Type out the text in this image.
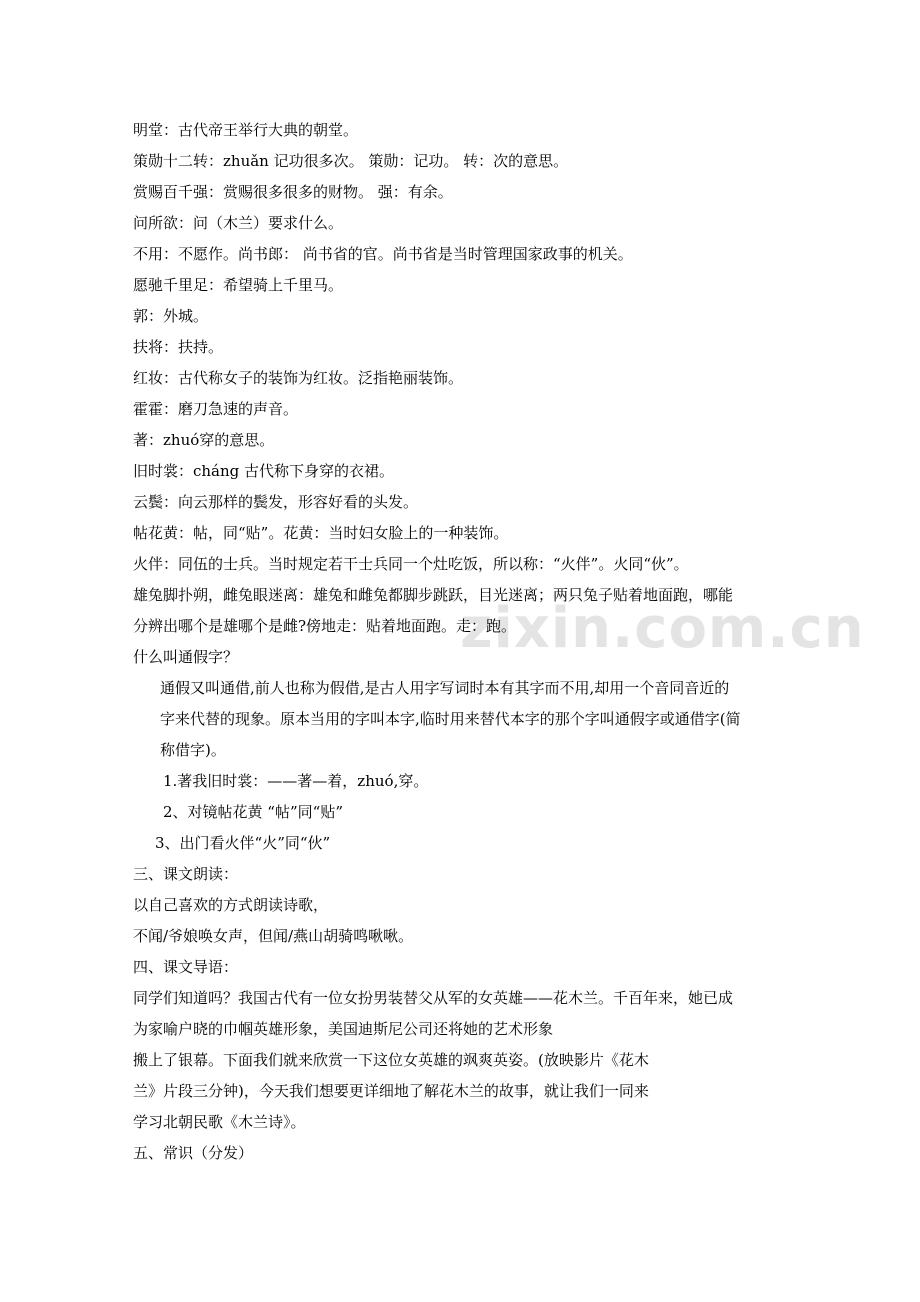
zixin.com.cn
明堂：古代帝王举行大典的朝堂。
策勋十二转：zhuǎn 记功很多次。 策勋：记功。 转：次的意思。
赏赐百千强：赏赐很多很多的财物。 强：有余。
问所欲：问（木兰）要求什么。
不用：不愿作。尚书郎： 尚书省的官。尚书省是当时管理国家政事的机关。
愿驰千里足：希望骑上千里马。
郭：外城。
扶将：扶持。
红妆：古代称女子的装饰为红妆。泛指艳丽装饰。
霍霍：磨刀急速的声音。
著：zhuó穿的意思。
旧时裳：cháng 古代称下身穿的衣裙。
云鬓：向云那样的鬓发，形容好看的头发。
帖花黄：帖，同“贴”。花黄：当时妇女脸上的一种装饰。
火伴：同伍的士兵。当时规定若干士兵同一个灶吃饭，所以称：“火伴”。火同“伙”。
雄兔脚扑朔，雌兔眼迷离：雄兔和雌兔都脚步跳跃，目光迷离；两只兔子贴着地面跑，哪能
分辨出哪个是雄哪个是雌?傍地走：贴着地面跑。走：跑。
什么叫通假字？
通假又叫通借,前人也称为假借,是古人用字写词时本有其字而不用,却用一个音同音近的
字来代替的现象。原本当用的字叫本字,临时用来替代本字的那个字叫通假字或通借字(简
称借字)。
1.著我旧时裳：——著—着，zhuó,穿。
2、对镜帖花黄 “帖”同“贴”
3、出门看火伴“火”同“伙”
三、课文朗读：
以自己喜欢的方式朗读诗歌，
不闻/爷娘唤女声，但闻/燕山胡骑鸣啾啾。
四、课文导语：
同学们知道吗？我国古代有一位女扮男装替父从军的女英雄——花木兰。千百年来，她已成
为家喻户晓的巾帼英雄形象，美国迪斯尼公司还将她的艺术形象
搬上了银幕。下面我们就来欣赏一下这位女英雄的飒爽英姿。(放映影片《花木
兰》片段三分钟)，今天我们想要更详细地了解花木兰的故事，就让我们一同来
学习北朝民歌《木兰诗》。
五、常识（分发）
